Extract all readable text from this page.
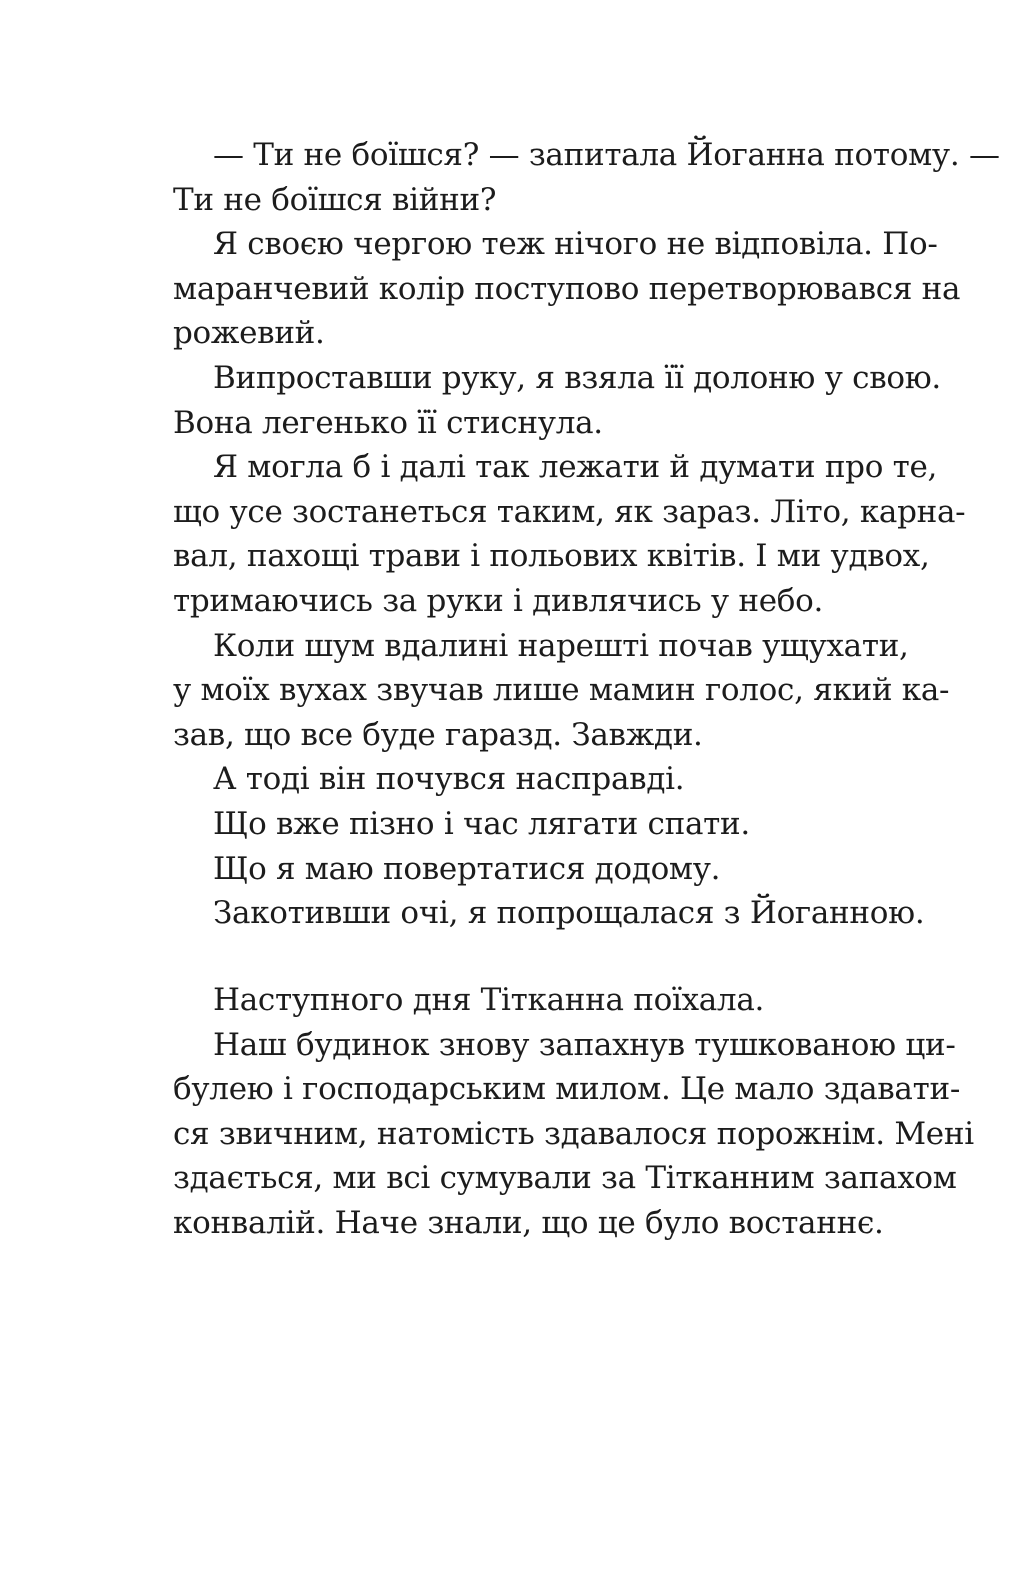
— Ти не боїшся? — запитала Йоганна потому. —
Ти не боїшся війни?
Я своєю чергою теж нічого не відповіла. По-
маранчевий колір поступово перетворювався на
рожевий.
Випроставши руку, я взяла її долоню у свою.
Вона легенько її стиснула.
Я могла б і далі так лежати й думати про те,
що усе зостанеться таким, як зараз. Літо, карна-
вал, пахощі трави і польових квітів. І ми удвох,
тримаючись за руки і дивлячись у небо.
Коли шум вдалині нарешті почав ущухати,
у моїх вухах звучав лише мамин голос, який ка-
зав, що все буде гаразд. Завжди.
А тоді він почувся насправді.
Що вже пізно і час лягати спати.
Що я маю повертатися додому.
Закотивши очі, я попрощалася з Йоганною.
Наступного дня Тітканна поїхала.
Наш будинок знову запахнув тушкованою ци-
булею і господарським милом. Це мало здавати-
ся звичним, натомість здавалося порожнім. Мені
здається, ми всі сумували за Тітканним запахом
конвалій. Наче знали, що це було востаннє.
